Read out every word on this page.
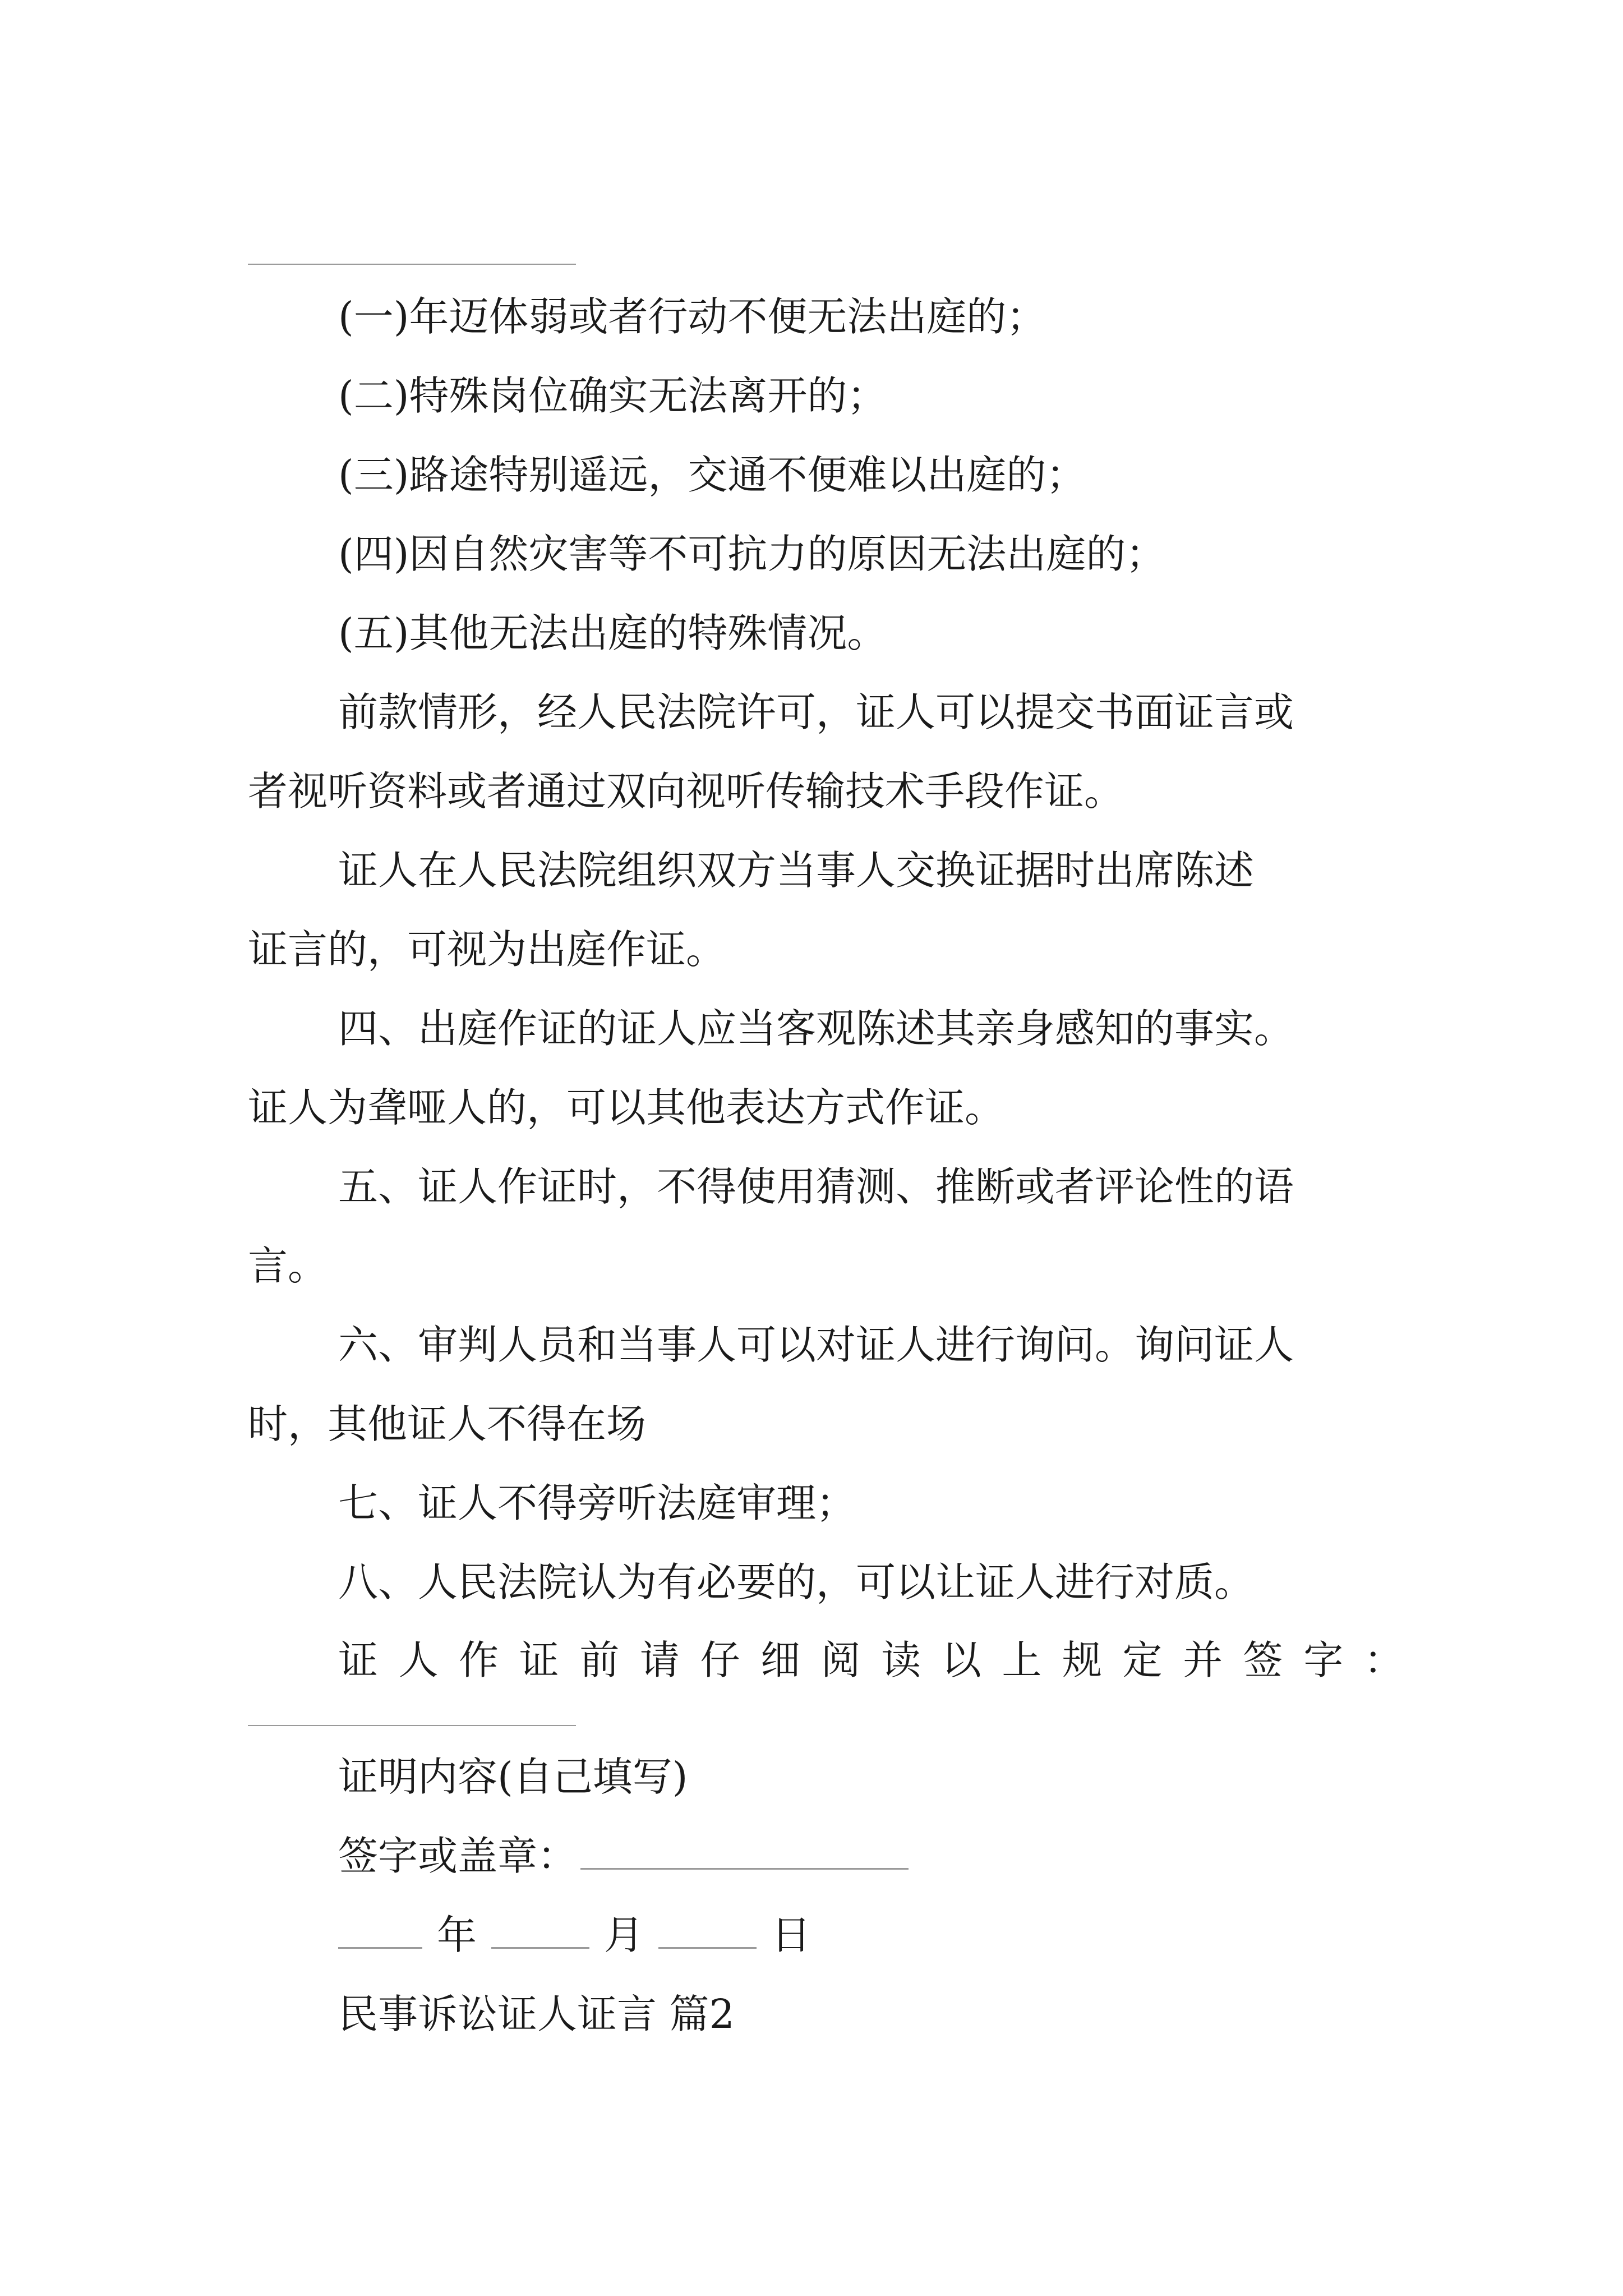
(一)年迈体弱或者行动不便无法出庭的；
(二)特殊岗位确实无法离开的；
(三)路途特别遥远，交通不便难以出庭的；
(四)因自然灾害等不可抗力的原因无法出庭的；
(五)其他无法出庭的特殊情况。
前款情形，经人民法院许可，证人可以提交书面证言或
者视听资料或者通过双向视听传输技术手段作证。
证人在人民法院组织双方当事人交换证据时出席陈述
证言的，可视为出庭作证。
四、出庭作证的证人应当客观陈述其亲身感知的事实。
证人为聋哑人的，可以其他表达方式作证。
五、证人作证时，不得使用猜测、推断或者评论性的语
言。
六、审判人员和当事人可以对证人进行询问。询问证人
时，其他证人不得在场
七、证人不得旁听法庭审理；
八、人民法院认为有必要的，可以让证人进行对质。
证 人 作 证 前 请 仔 细 阅 读 以 上 规 定 并 签 字 ：
证明内容(自己填写)
签字或盖章：
年	月	日
民事诉讼证人证言 篇2
